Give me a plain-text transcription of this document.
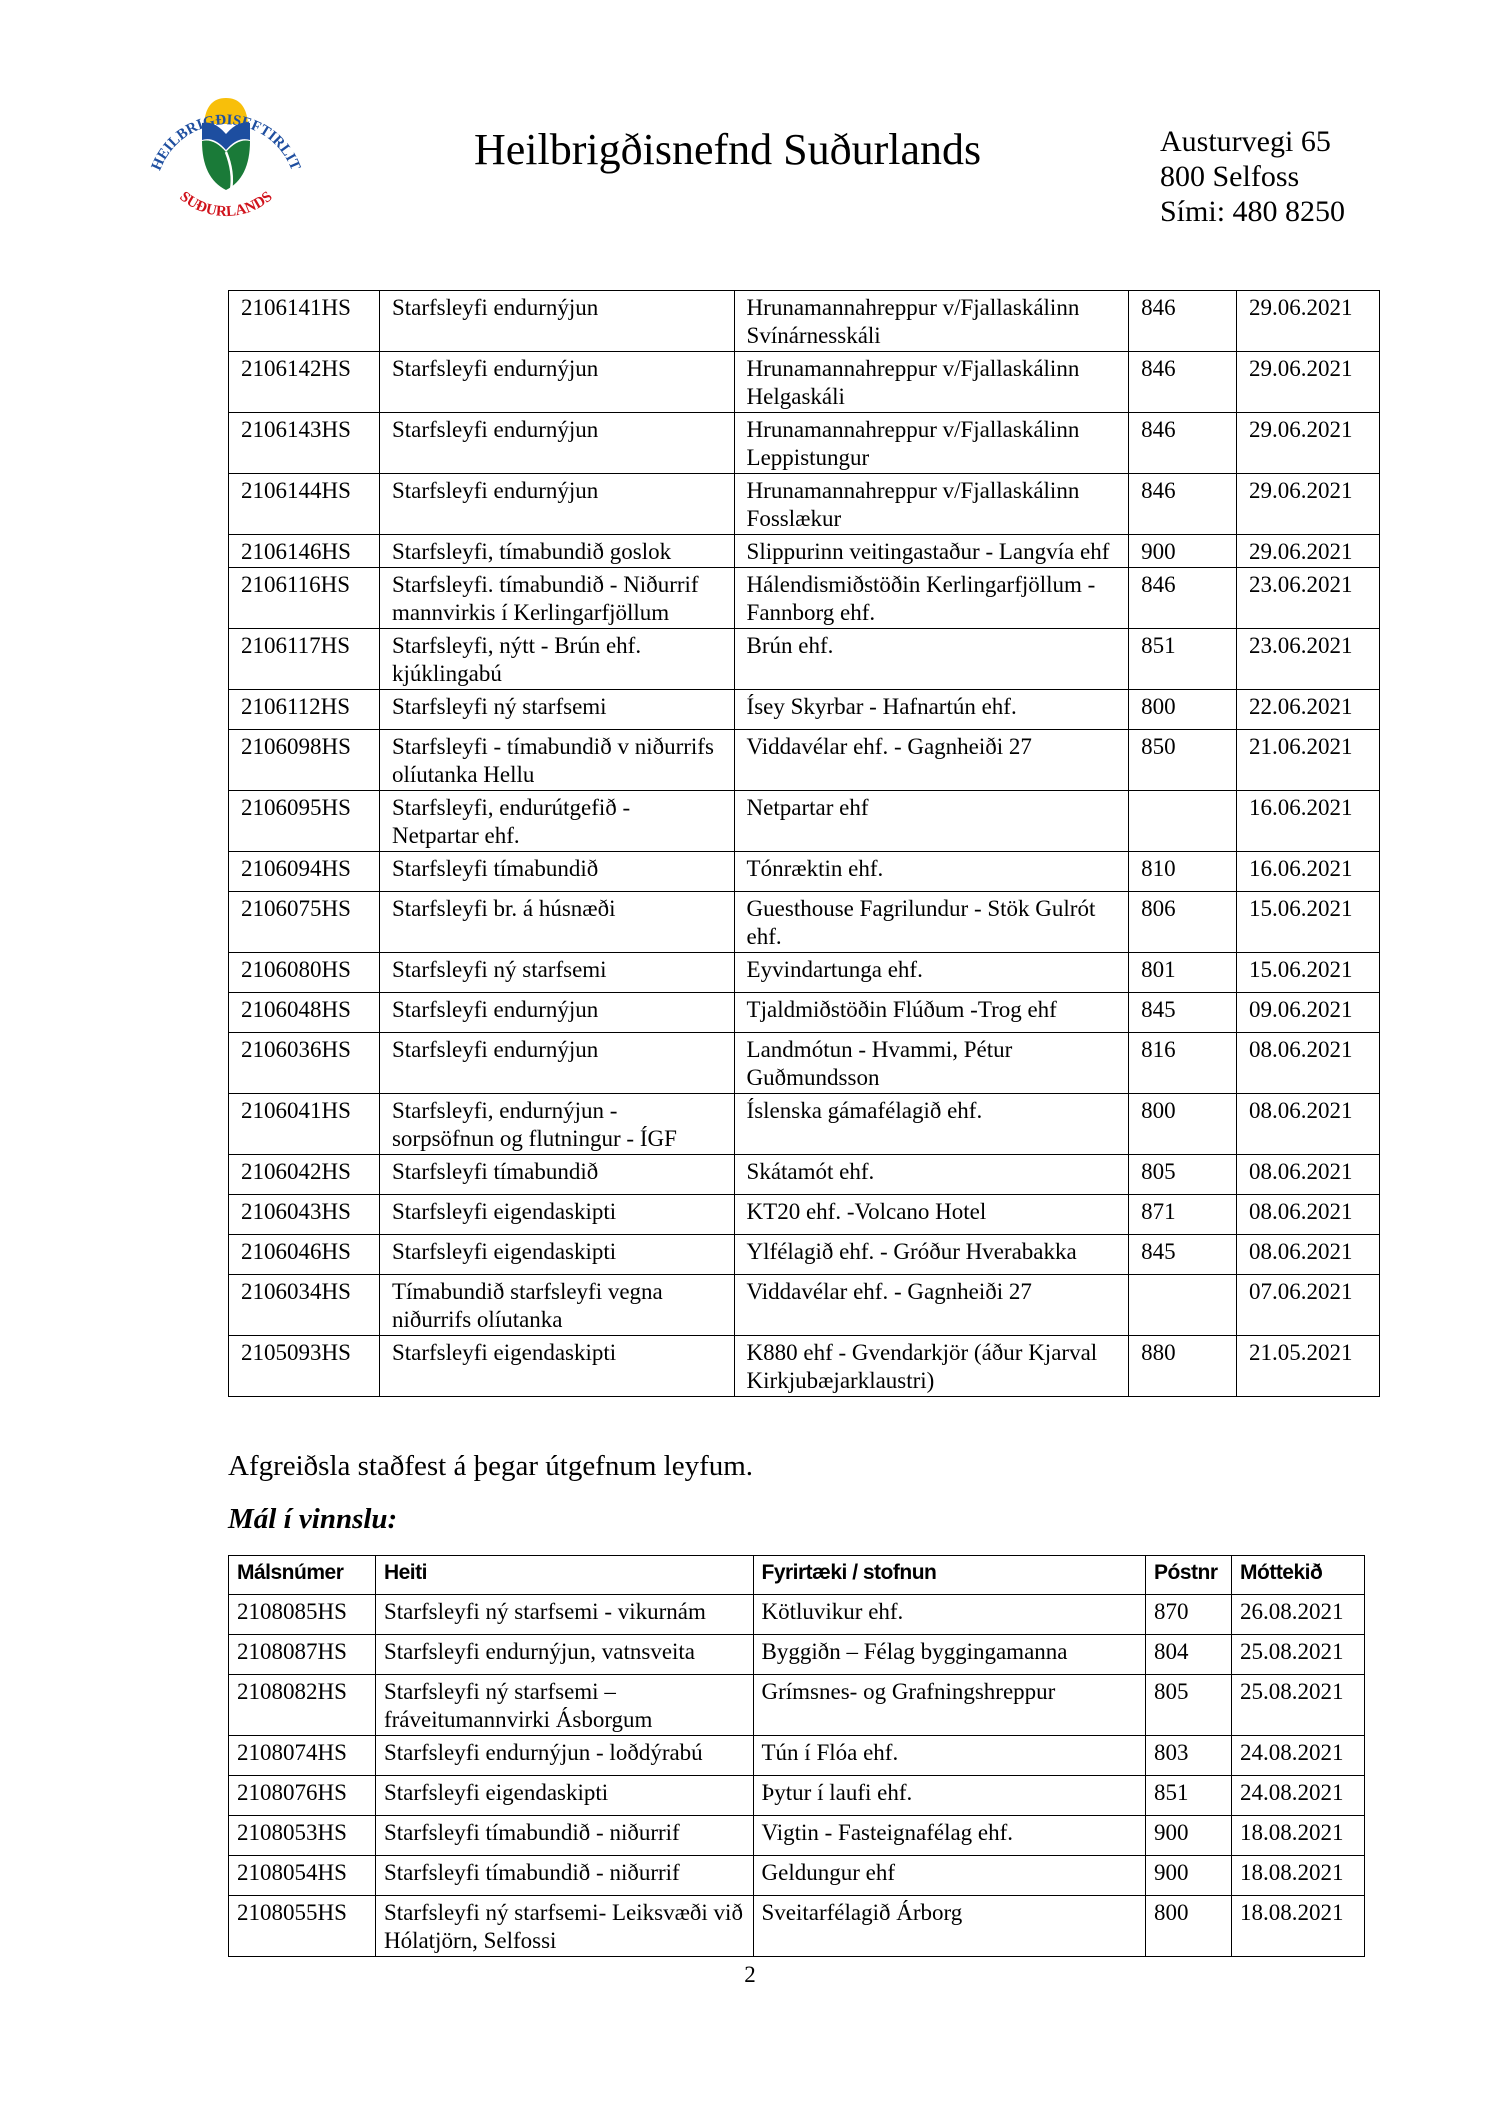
HEILBRIGÐISEFTIRLIT
SUÐURLANDS
Heilbrigðisnefnd Suðurlands	Austurvegi 65
800 Selfoss
Sími: 480 8250
2106141HS	Starfsleyfi endurnýjun	Hrunamannahreppur v/Fjallaskálinn Svínárnesskáli	846	29.06.2021
2106142HS	Starfsleyfi endurnýjun	Hrunamannahreppur v/Fjallaskálinn Helgaskáli	846	29.06.2021
2106143HS	Starfsleyfi endurnýjun	Hrunamannahreppur v/Fjallaskálinn Leppistungur	846	29.06.2021
2106144HS	Starfsleyfi endurnýjun	Hrunamannahreppur v/Fjallaskálinn Fosslækur	846	29.06.2021
2106146HS	Starfsleyfi, tímabundið goslok	Slippurinn veitingastaður - Langvía ehf	900	29.06.2021
2106116HS	Starfsleyfi. tímabundið - Niðurrif mannvirkis í Kerlingarfjöllum	Hálendismiðstöðin Kerlingarfjöllum - Fannborg ehf.	846	23.06.2021
2106117HS	Starfsleyfi, nýtt - Brún ehf. kjúklingabú	Brún ehf.	851	23.06.2021
2106112HS	Starfsleyfi ný starfsemi	Ísey Skyrbar - Hafnartún ehf.	800	22.06.2021
2106098HS	Starfsleyfi - tímabundið v niðurrifs olíutanka Hellu	Viddavélar ehf. - Gagnheiði 27	850	21.06.2021
2106095HS	Starfsleyfi, endurútgefið - Netpartar ehf.	Netpartar ehf		16.06.2021
2106094HS	Starfsleyfi tímabundið	Tónræktin ehf.	810	16.06.2021
2106075HS	Starfsleyfi br. á húsnæði	Guesthouse Fagrilundur - Stök Gulrót ehf.	806	15.06.2021
2106080HS	Starfsleyfi ný starfsemi	Eyvindartunga ehf.	801	15.06.2021
2106048HS	Starfsleyfi endurnýjun	Tjaldmiðstöðin Flúðum -Trog ehf	845	09.06.2021
2106036HS	Starfsleyfi endurnýjun	Landmótun - Hvammi, Pétur Guðmundsson	816	08.06.2021
2106041HS	Starfsleyfi, endurnýjun - sorpsöfnun og flutningur - ÍGF	Íslenska gámafélagið ehf.	800	08.06.2021
2106042HS	Starfsleyfi tímabundið	Skátamót ehf.	805	08.06.2021
2106043HS	Starfsleyfi eigendaskipti	KT20 ehf. -Volcano Hotel	871	08.06.2021
2106046HS	Starfsleyfi eigendaskipti	Ylfélagið ehf. - Gróður Hverabakka	845	08.06.2021
2106034HS	Tímabundið starfsleyfi vegna niðurrifs olíutanka	Viddavélar ehf. - Gagnheiði 27		07.06.2021
2105093HS	Starfsleyfi eigendaskipti	K880 ehf - Gvendarkjör (áður Kjarval Kirkjubæjarklaustri)	880	21.05.2021
Afgreiðsla staðfest á þegar útgefnum leyfum.
Mál í vinnslu:
Málsnúmer	Heiti	Fyrirtæki / stofnun	Póstnr	Móttekið
2108085HS	Starfsleyfi ný starfsemi - vikurnám	Kötluvikur ehf.	870	26.08.2021
2108087HS	Starfsleyfi endurnýjun, vatnsveita	Byggiðn – Félag byggingamanna	804	25.08.2021
2108082HS	Starfsleyfi ný starfsemi – fráveitumannvirki Ásborgum	Grímsnes- og Grafningshreppur	805	25.08.2021
2108074HS	Starfsleyfi endurnýjun - loðdýrabú	Tún í Flóa ehf.	803	24.08.2021
2108076HS	Starfsleyfi eigendaskipti	Þytur í laufi ehf.	851	24.08.2021
2108053HS	Starfsleyfi tímabundið - niðurrif	Vigtin - Fasteignafélag ehf.	900	18.08.2021
2108054HS	Starfsleyfi tímabundið - niðurrif	Geldungur ehf	900	18.08.2021
2108055HS	Starfsleyfi ný starfsemi- Leiksvæði við Hólatjörn, Selfossi	Sveitarfélagið Árborg	800	18.08.2021
2
